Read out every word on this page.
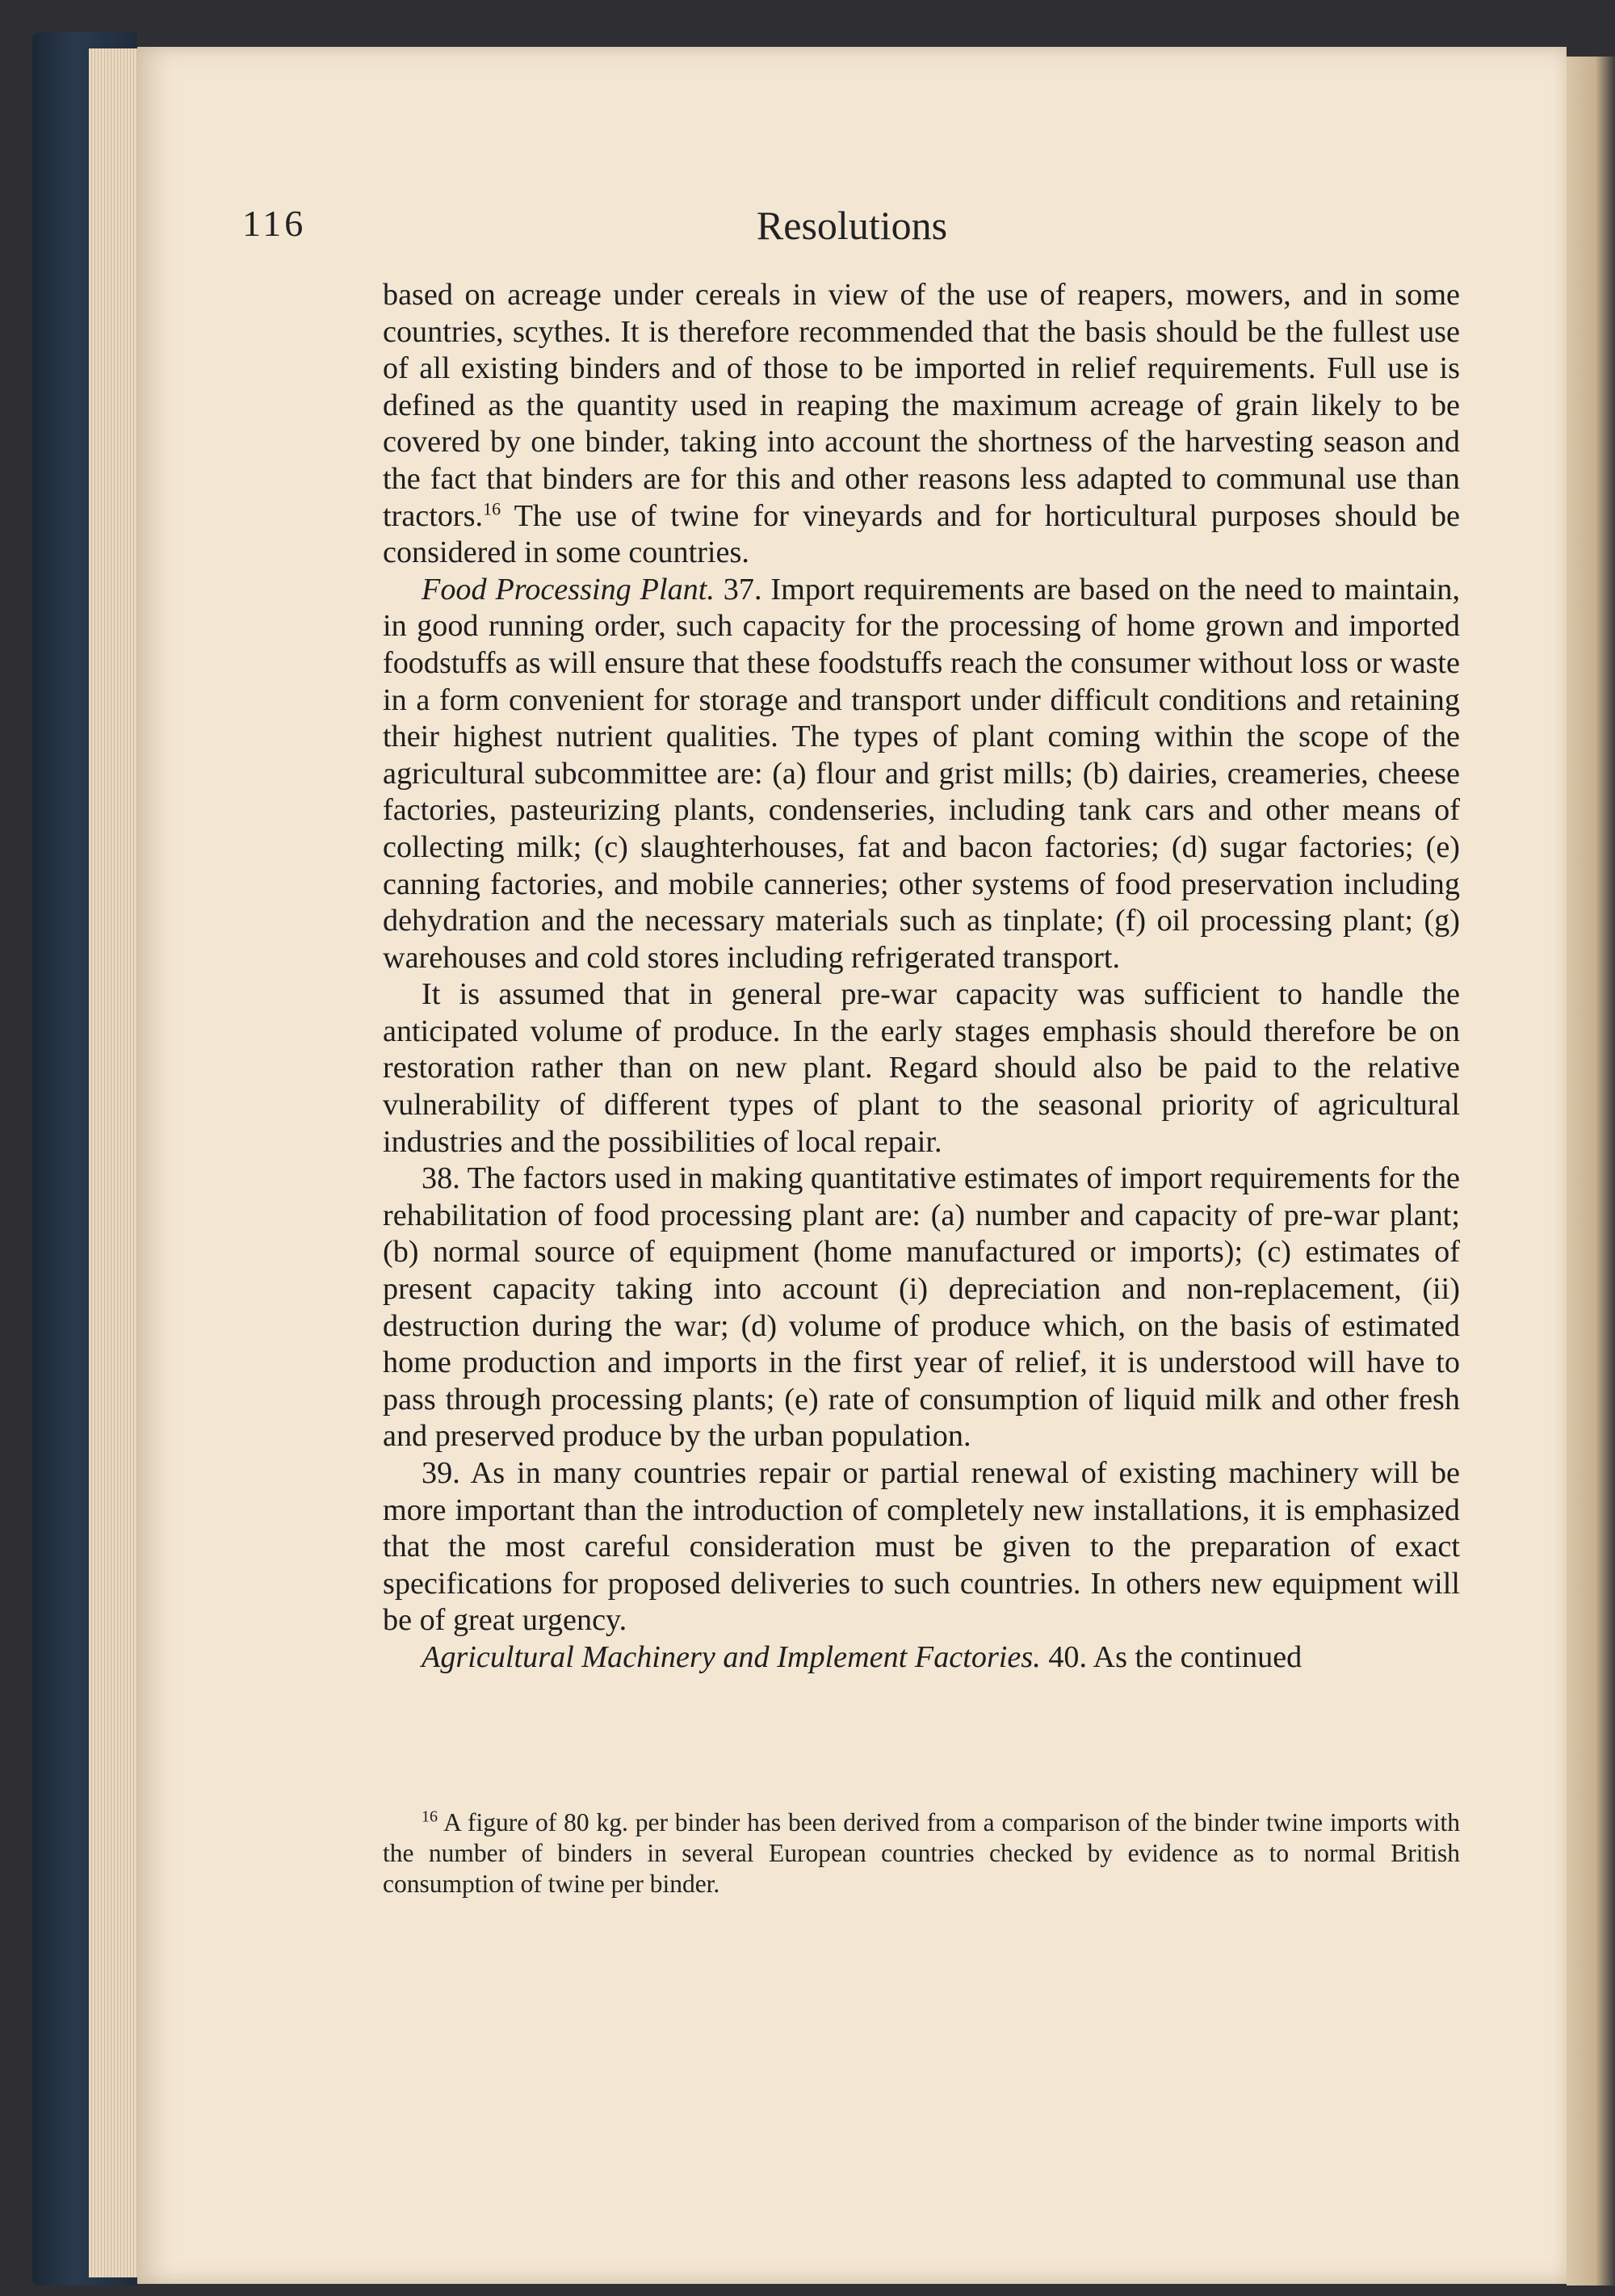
116	Resolutions

based on acreage under cereals in view of the use of reapers, mowers, and in some countries, scythes. It is therefore recommended that the basis should be the fullest use of all existing binders and of those to be imported in relief requirements. Full use is defined as the quantity used in reaping the maximum acreage of grain likely to be covered by one binder, taking into account the shortness of the harvesting season and the fact that binders are for this and other reasons less adapted to communal use than tractors.$^{16}$ The use of twine for vineyards and for horticultural purposes should be considered in some countries.

Food Processing Plant. 37. Import requirements are based on the need to maintain, in good running order, such capacity for the processing of home grown and imported foodstuffs as will ensure that these foodstuffs reach the consumer without loss or waste in a form convenient for storage and transport under difficult conditions and retaining their highest nutrient qualities. The types of plant coming within the scope of the agricultural subcommittee are: (a) flour and grist mills; (b) dairies, creameries, cheese factories, pasteurizing plants, condenseries, including tank cars and other means of collecting milk; (c) slaughterhouses, fat and bacon factories; (d) sugar factories; (e) canning factories, and mobile canneries; other systems of food preservation including dehydration and the necessary materials such as tinplate; (f) oil processing plant; (g) warehouses and cold stores including refrigerated transport.

It is assumed that in general pre-war capacity was sufficient to handle the anticipated volume of produce. In the early stages emphasis should therefore be on restoration rather than on new plant. Regard should also be paid to the relative vulnerability of different types of plant to the seasonal priority of agricultural industries and the possibilities of local repair.

38. The factors used in making quantitative estimates of import requirements for the rehabilitation of food processing plant are: (a) number and capacity of pre-war plant; (b) normal source of equipment (home manufactured or imports); (c) estimates of present capacity taking into account (i) depreciation and non-replacement, (ii) destruction during the war; (d) volume of produce which, on the basis of estimated home production and imports in the first year of relief, it is understood will have to pass through processing plants; (e) rate of consumption of liquid milk and other fresh and preserved produce by the urban population.

39. As in many countries repair or partial renewal of existing machinery will be more important than the introduction of completely new installations, it is emphasized that the most careful consideration must be given to the preparation of exact specifications for proposed deliveries to such countries. In others new equipment will be of great urgency.

Agricultural Machinery and Implement Factories. 40. As the continued

$^{16}$ A figure of 80 kg. per binder has been derived from a comparison of the binder twine imports with the number of binders in several European countries checked by evidence as to normal British consumption of twine per binder.
